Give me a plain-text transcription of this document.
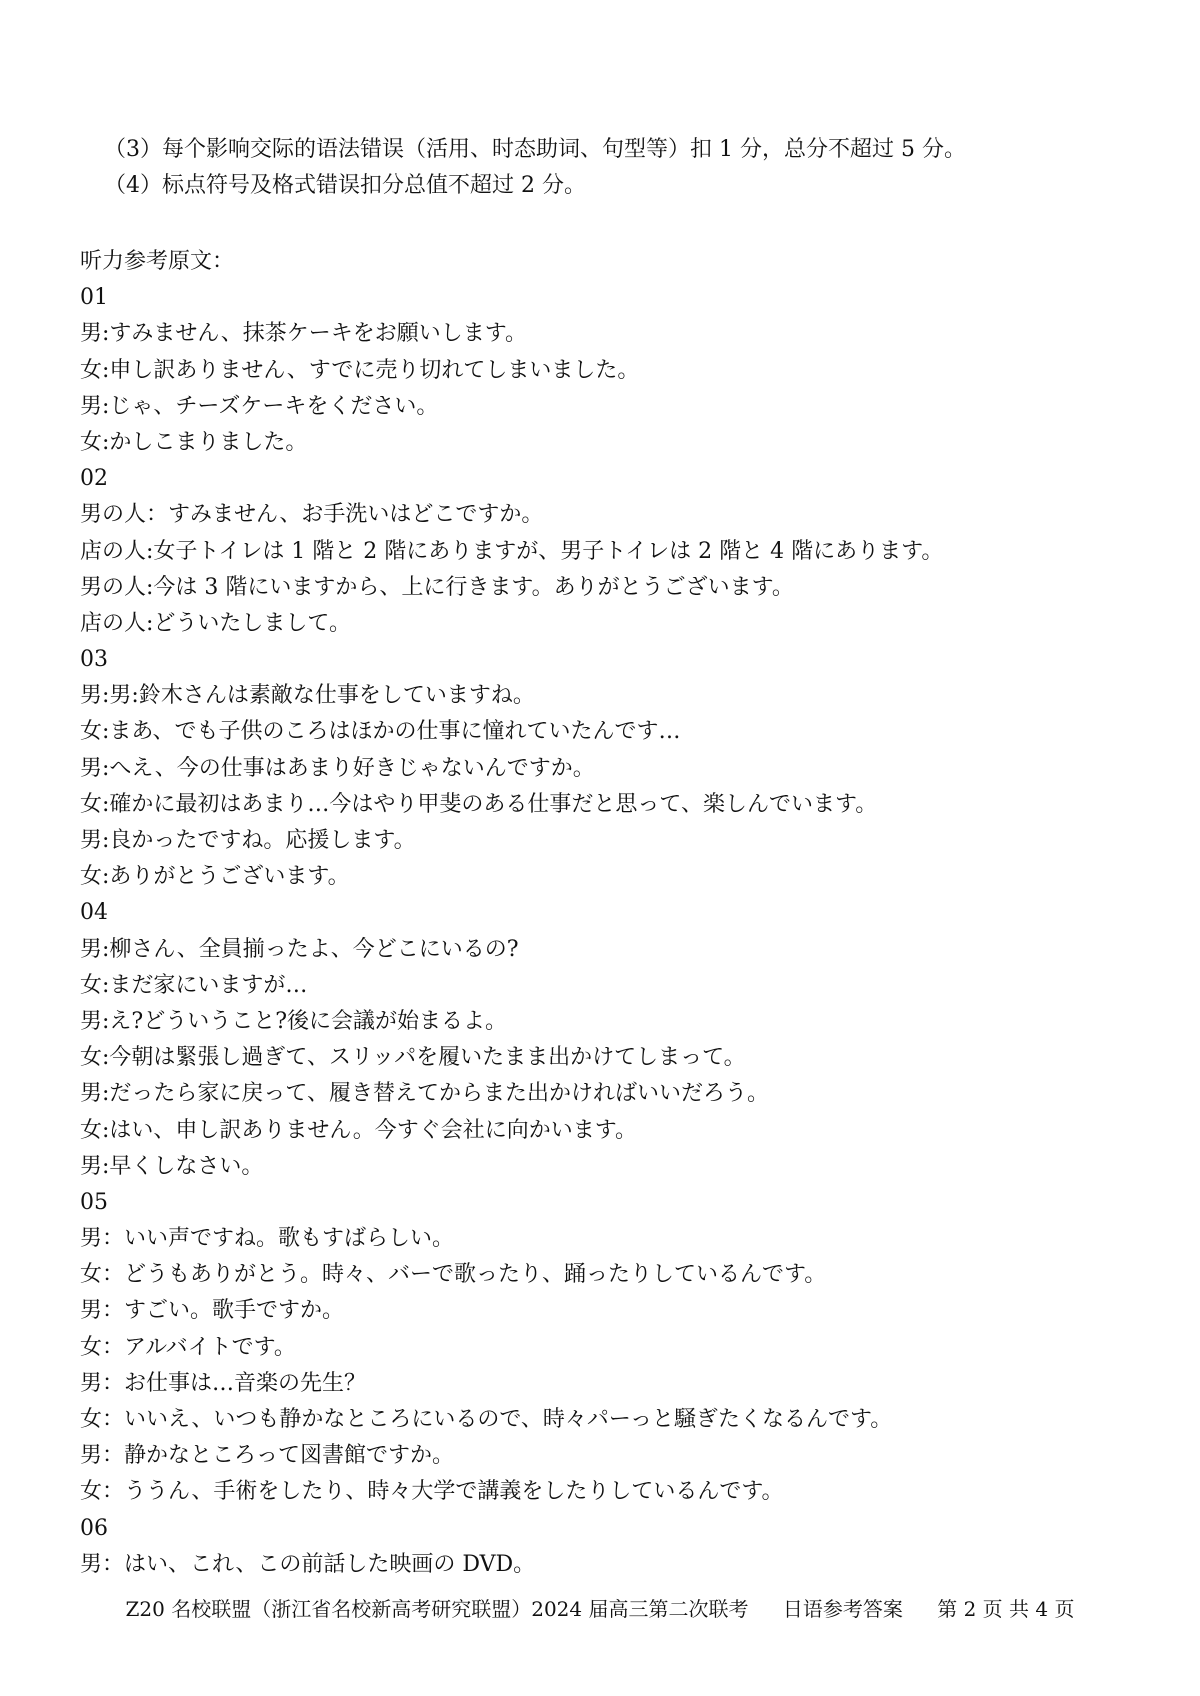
（3）每个影响交际的语法错误（活用、时态助词、句型等）扣 1 分，总分不超过 5 分。
（4）标点符号及格式错误扣分总值不超过 2 分。
听力参考原文：
01
男:すみません、抹茶ケーキをお願いします。
女:申し訳ありません、すでに売り切れてしまいました。
男:じゃ、チーズケーキをください。
女:かしこまりました。
02
男の人：すみません、お手洗いはどこですか。
店の人:女子トイレは 1 階と 2 階にありますが、男子トイレは 2 階と 4 階にあります。
男の人:今は 3 階にいますから、上に行きます。ありがとうございます。
店の人:どういたしまして。
03
男:男:鈴木さんは素敵な仕事をしていますね。
女:まあ、でも子供のころはほかの仕事に憧れていたんです…
男:へえ、今の仕事はあまり好きじゃないんですか。
女:確かに最初はあまり…今はやり甲斐のある仕事だと思って、楽しんでいます。
男:良かったですね。応援します。
女:ありがとうございます。
04
男:柳さん、全員揃ったよ、今どこにいるの?
女:まだ家にいますが…
男:え?どういうこと?後に会議が始まるよ。
女:今朝は緊張し過ぎて、スリッパを履いたまま出かけてしまって。
男:だったら家に戻って、履き替えてからまた出かければいいだろう。
女:はい、申し訳ありません。今すぐ会社に向かいます。
男:早くしなさい。
05
男：いい声ですね。歌もすばらしい。
女：どうもありがとう。時々、バーで歌ったり、踊ったりしているんです。
男：すごい。歌手ですか。
女：アルバイトです。
男：お仕事は…音楽の先生？
女：いいえ、いつも静かなところにいるので、時々パーっと騒ぎたくなるんです。
男：静かなところって図書館ですか。
女：ううん、手術をしたり、時々大学で講義をしたりしているんです。
06
男：はい、これ、この前話した映画の DVD。
Z20 名校联盟（浙江省名校新高考研究联盟）2024 届高三第二次联考 日语参考答案 第 2 页 共 4 页
